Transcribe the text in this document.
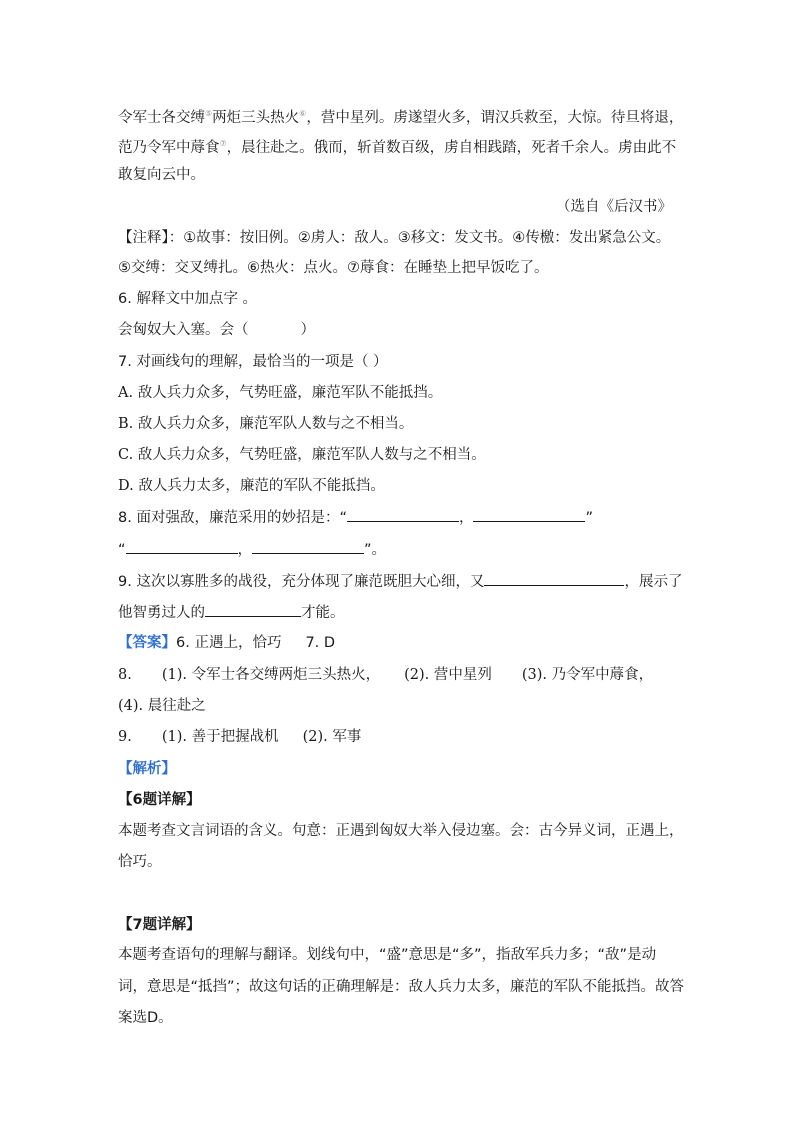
令军士各交缚⑤两炬三头热火⑥，营中星列。虏遂望火多，谓汉兵救至，大惊。待旦将退，
范乃令军中蓐食⑦，晨往赴之。俄而，斩首数百级，虏自相践踏，死者千余人。虏由此不
敢复向云中。
（选自《后汉书》
【注释】：①故事：按旧例。②虏人：敌人。③移文：发文书。④传檄：发出紧急公文。
⑤交缚：交叉缚扎。⑥热火：点火。⑦蓐食：在睡垫上把早饭吃了。
6. 解释文中加点字 。
会匈奴大入塞。会（	）
7. 对画线句的理解，最恰当的一项是（ ）
A. 敌人兵力众多，气势旺盛，廉范军队不能抵挡。
B. 敌人兵力众多，廉范军队人数与之不相当。
C. 敌人兵力众多，气势旺盛，廉范军队人数与之不相当。
D. 敌人兵力太多，廉范的军队不能抵挡。
8. 面对强敌，廉范采用的妙招是：“	，	”
“	，	”。
9. 这次以寡胜多的战役，充分体现了廉范既胆大心细，又	，展示了
他智勇过人的	才能。
【答案】6. 正遇上，恰巧 7. D
8. (1). 令军士各交缚两炬三头热火， (2). 营中星列 (3). 乃令军中蓐食，
(4). 晨往赴之
9. (1). 善于把握战机 (2). 军事
【解析】
【6题详解】
本题考查文言词语的含义。句意：正遇到匈奴大举入侵边塞。会：古今异义词，正遇上，
恰巧。
【7题详解】
本题考查语句的理解与翻译。划线句中，“盛”意思是“多”，指敌军兵力多；“敌”是动
词，意思是“抵挡”；故这句话的正确理解是：敌人兵力太多，廉范的军队不能抵挡。故答
案选D。
